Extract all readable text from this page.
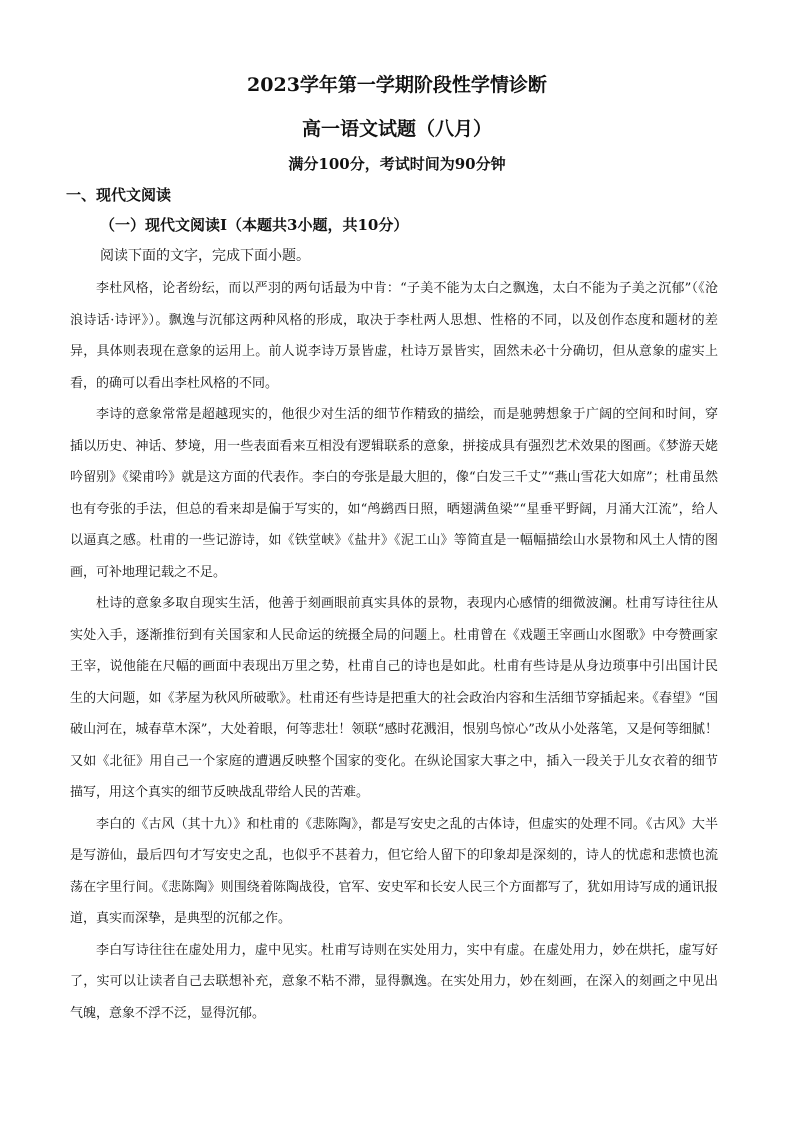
2023学年第一学期阶段性学情诊断
高一语文试题（八月）
满分100分，考试时间为90分钟
一、现代文阅读
（一）现代文阅读Ⅰ（本题共3小题，共10分）
阅读下面的文字，完成下面小题。

李杜风格，论者纷纭，而以严羽的两句话最为中肯：“子美不能为太白之飘逸，太白不能为子美之沉郁”（《沧浪诗话·诗评》）。飘逸与沉郁这两种风格的形成，取决于李杜两人思想、性格的不同，以及创作态度和题材的差异，具体则表现在意象的运用上。前人说李诗万景皆虚，杜诗万景皆实，固然未必十分确切，但从意象的虚实上看，的确可以看出李杜风格的不同。

李诗的意象常常是超越现实的，他很少对生活的细节作精致的描绘，而是驰骋想象于广阔的空间和时间，穿插以历史、神话、梦境，用一些表面看来互相没有逻辑联系的意象，拼接成具有强烈艺术效果的图画。《梦游天姥吟留别》《梁甫吟》就是这方面的代表作。李白的夸张是最大胆的，像“白发三千丈”“燕山雪花大如席”；杜甫虽然也有夸张的手法，但总的看来却是偏于写实的，如“鸬鹚西日照，晒翅满鱼梁”“星垂平野阔，月涌大江流”，给人以逼真之感。杜甫的一些记游诗，如《铁堂峡》《盐井》《泥工山》等简直是一幅幅描绘山水景物和风土人情的图画，可补地理记载之不足。

杜诗的意象多取自现实生活，他善于刻画眼前真实具体的景物，表现内心感情的细微波澜。杜甫写诗往往从实处入手，逐渐推衍到有关国家和人民命运的统摄全局的问题上。杜甫曾在《戏题王宰画山水图歌》中夸赞画家王宰，说他能在尺幅的画面中表现出万里之势，杜甫自己的诗也是如此。杜甫有些诗是从身边琐事中引出国计民生的大问题，如《茅屋为秋风所破歌》。杜甫还有些诗是把重大的社会政治内容和生活细节穿插起来。《春望》“国破山河在，城春草木深”，大处着眼，何等悲壮！领联“感时花溅泪，恨别鸟惊心”改从小处落笔，又是何等细腻！又如《北征》用自己一个家庭的遭遇反映整个国家的变化。在纵论国家大事之中，插入一段关于儿女衣着的细节描写，用这个真实的细节反映战乱带给人民的苦难。

李白的《古风（其十九）》和杜甫的《悲陈陶》，都是写安史之乱的古体诗，但虚实的处理不同。《古风》大半是写游仙，最后四句才写安史之乱，也似乎不甚着力，但它给人留下的印象却是深刻的，诗人的忧虑和悲愤也流荡在字里行间。《悲陈陶》则围绕着陈陶战役，官军、安史军和长安人民三个方面都写了，犹如用诗写成的通讯报道，真实而深挚，是典型的沉郁之作。

李白写诗往往在虚处用力，虚中见实。杜甫写诗则在实处用力，实中有虚。在虚处用力，妙在烘托，虚写好了，实可以让读者自己去联想补充，意象不粘不滞，显得飘逸。在实处用力，妙在刻画，在深入的刻画之中见出气魄，意象不浮不泛，显得沉郁。
